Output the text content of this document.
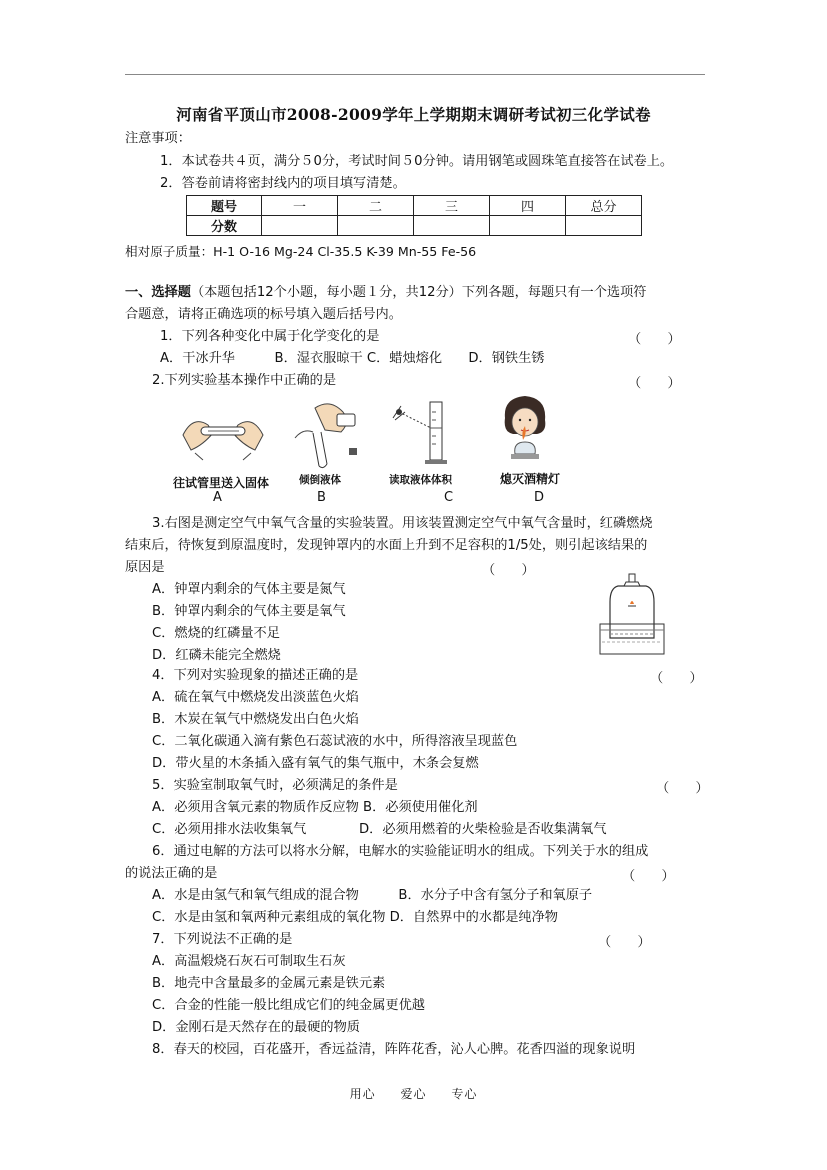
河南省平顶山市2008-2009学年上学期期末调研考试初三化学试卷
注意事项：
1．本试卷共４页，满分５0分，考试时间５0分钟。请用钢笔或圆珠笔直接答在试卷上。
2．答卷前请将密封线内的项目填写清楚。
题号	一	二	三	四	总分
分数					
相对原子质量：H-1 O-16 Mg-24 Cl-35.5 K-39 Mn-55 Fe-56
一、选择题（本题包括12个小题，每小题１分，共12分）下列各题，每题只有一个选项符
合题意，请将正确选项的标号填入题后括号内。
1．下列各种变化中属于化学变化的是	（　　）
A．干冰升华　　　B．湿衣服晾干 C．蜡烛熔化　　D．钢铁生锈
2.下列实验基本操作中正确的是	（　　）
往试管里送入固体
A
倾倒液体
B
读取液体体积
C
熄灭酒精灯
D
3.右图是测定空气中氧气含量的实验装置。用该装置测定空气中氧气含量时，红磷燃烧
结束后，待恢复到原温度时，发现钟罩内的水面上升到不足容积的1/5处，则引起该结果的
原因是	（　　）
A．钟罩内剩余的气体主要是氮气
B．钟罩内剩余的气体主要是氧气
C．燃烧的红磷量不足
D．红磷未能完全燃烧
4．下列对实验现象的描述正确的是	（　　）
A．硫在氧气中燃烧发出淡蓝色火焰
B．木炭在氧气中燃烧发出白色火焰
C．二氧化碳通入滴有紫色石蕊试液的水中，所得溶液呈现蓝色
D．带火星的木条插入盛有氧气的集气瓶中，木条会复燃
5．实验室制取氧气时，必须满足的条件是	（　　）
A．必须用含氧元素的物质作反应物 B．必须使用催化剂
C．必须用排水法收集氧气　　　　D．必须用燃着的火柴检验是否收集满氧气
6．通过电解的方法可以将水分解，电解水的实验能证明水的组成。下列关于水的组成
的说法正确的是	（　　）
A．水是由氢气和氧气组成的混合物　　　B．水分子中含有氢分子和氧原子
C．水是由氢和氧两种元素组成的氧化物 D．自然界中的水都是纯净物
7．下列说法不正确的是	（　　）
A．高温煅烧石灰石可制取生石灰
B．地壳中含量最多的金属元素是铁元素
C．合金的性能一般比组成它们的纯金属更优越
D．金刚石是天然存在的最硬的物质
8．春天的校园，百花盛开，香远益清，阵阵花香，沁人心脾。花香四溢的现象说明
用心 爱心 专心
